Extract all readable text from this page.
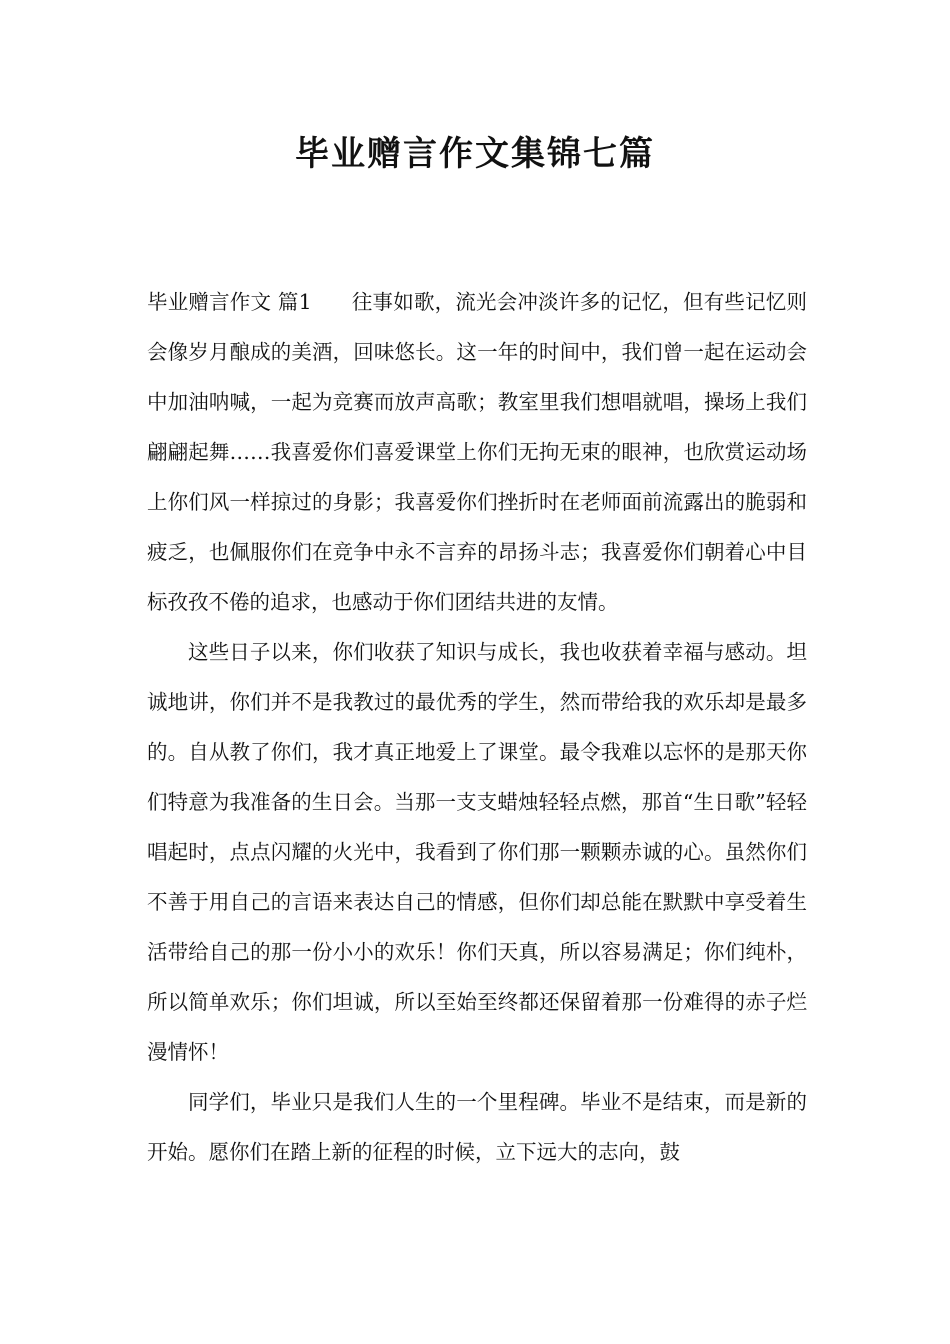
毕业赠言作文集锦七篇

毕业赠言作文 篇1 往事如歌，流光会冲淡许多的记忆，但有些记忆则会像岁月酿成的美酒，回味悠长。这一年的时间中，我们曾一起在运动会中加油呐喊，一起为竞赛而放声高歌；教室里我们想唱就唱，操场上我们翩翩起舞……我喜爱你们喜爱课堂上你们无拘无束的眼神，也欣赏运动场上你们风一样掠过的身影；我喜爱你们挫折时在老师面前流露出的脆弱和疲乏，也佩服你们在竞争中永不言弃的昂扬斗志；我喜爱你们朝着心中目标孜孜不倦的追求，也感动于你们团结共进的友情。

这些日子以来，你们收获了知识与成长，我也收获着幸福与感动。坦诚地讲，你们并不是我教过的最优秀的学生，然而带给我的欢乐却是最多的。自从教了你们，我才真正地爱上了课堂。最令我难以忘怀的是那天你们特意为我准备的生日会。当那一支支蜡烛轻轻点燃，那首“生日歌”轻轻唱起时，点点闪耀的火光中，我看到了你们那一颗颗赤诚的心。虽然你们不善于用自己的言语来表达自己的情感，但你们却总能在默默中享受着生活带给自己的那一份小小的欢乐！你们天真，所以容易满足；你们纯朴，所以简单欢乐；你们坦诚，所以至始至终都还保留着那一份难得的赤子烂漫情怀！

同学们，毕业只是我们人生的一个里程碑。毕业不是结束，而是新的开始。愿你们在踏上新的征程的时候，立下远大的志向，鼓
